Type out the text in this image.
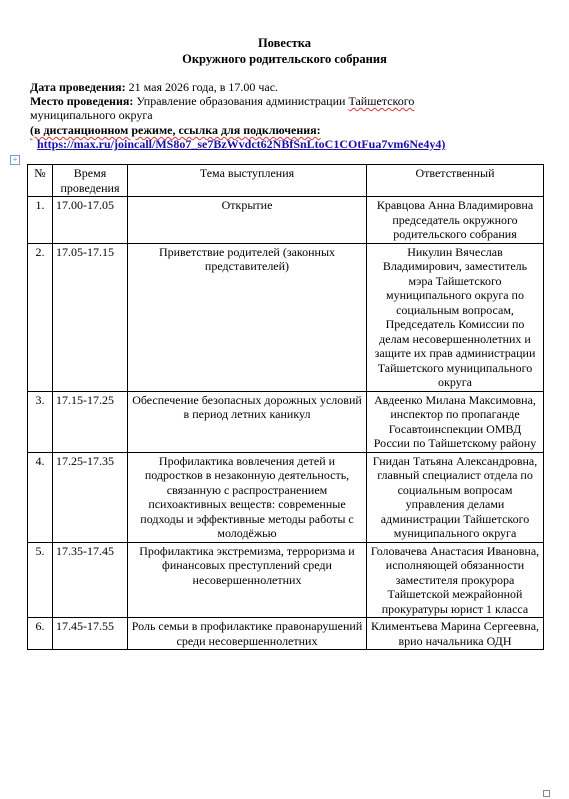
Повестка
Окружного родительского собрания
Дата проведения: 21 мая 2026 года, в 17.00 час.
Место проведения: Управление образования администрации Тайшетского
муниципального округа
(в дистанционном режиме, ссылка для подключения:
https://max.ru/joincall/MS8o7_se7BzWvdct62NBfSnLtoC1COtFua7vm6Ne4y4)
+
№	Время проведения	Тема выступления	Ответственный
1.	17.00-17.05	Открытие	Кравцова Анна Владимировна председатель окружного родительского собрания
2.	17.05-17.15	Приветствие родителей (законных представителей)	Никулин Вячеслав Владимирович, заместитель мэра Тайшетского муниципального округа по социальным вопросам, Председатель Комиссии по делам несовершеннолетних и защите их прав администрации Тайшетского муниципального округа
3.	17.15-17.25	Обеспечение безопасных дорожных условий в период летних каникул	Авдеенко Милана Максимовна, инспектор по пропаганде Госавтоинспекции ОМВД России по Тайшетскому району
4.	17.25-17.35	Профилактика вовлечения детей и подростков в незаконную деятельность, связанную с распространением психоактивных веществ: современные подходы и эффективные методы работы с молодёжью	Гнидан Татьяна Александровна, главный специалист отдела по социальным вопросам управления делами администрации Тайшетского муниципального округа
5.	17.35-17.45	Профилактика экстремизма, терроризма и финансовых преступлений среди несовершеннолетних	Головачева Анастасия Ивановна, исполняющей обязанности заместителя прокурора Тайшетской межрайонной прокуратуры юрист 1 класса
6.	17.45-17.55	Роль семьи в профилактике правонарушений среди несовершеннолетних	Климентьева Марина Сергеевна, врио начальника ОДН
